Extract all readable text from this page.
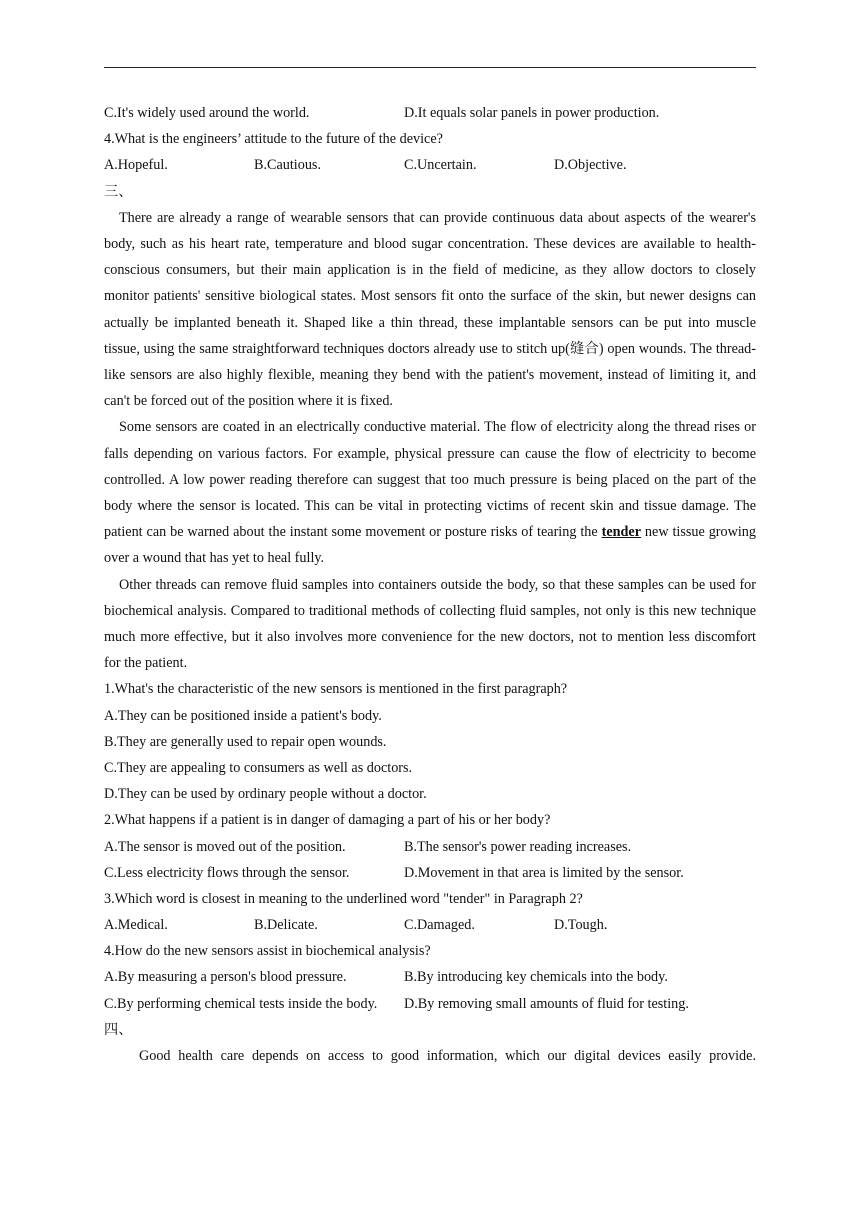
C.It's widely used around the world.	D.It equals solar panels in power production.
4.What is the engineers’ attitude to the future of the device?
A.Hopeful.	B.Cautious.	C.Uncertain.	D.Objective.
三、

There are already a range of wearable sensors that can provide continuous data about aspects of the wearer's body, such as his heart rate, temperature and blood sugar concentration. These devices are available to health-conscious consumers, but their main application is in the field of medicine, as they allow doctors to closely monitor patients' sensitive biological states. Most sensors fit onto the surface of the skin, but newer designs can actually be implanted beneath it. Shaped like a thin thread, these implantable sensors can be put into muscle tissue, using the same straightforward techniques doctors already use to stitch up(缝合) open wounds. The thread-like sensors are also highly flexible, meaning they bend with the patient's movement, instead of limiting it, and can't be forced out of the position where it is fixed.

Some sensors are coated in an electrically conductive material. The flow of electricity along the thread rises or falls depending on various factors. For example, physical pressure can cause the flow of electricity to become controlled. A low power reading therefore can suggest that too much pressure is being placed on the part of the body where the sensor is located. This can be vital in protecting victims of recent skin and tissue damage. The patient can be warned about the instant some movement or posture risks of tearing the tender new tissue growing over a wound that has yet to heal fully.

Other threads can remove fluid samples into containers outside the body, so that these samples can be used for biochemical analysis. Compared to traditional methods of collecting fluid samples, not only is this new technique much more effective, but it also involves more convenience for the new doctors, not to mention less discomfort for the patient.

1.What's the characteristic of the new sensors is mentioned in the first paragraph?
A.They can be positioned inside a patient's body.
B.They are generally used to repair open wounds.
C.They are appealing to consumers as well as doctors.
D.They can be used by ordinary people without a doctor.
2.What happens if a patient is in danger of damaging a part of his or her body?
A.The sensor is moved out of the position.	B.The sensor's power reading increases.
C.Less electricity flows through the sensor.	D.Movement in that area is limited by the sensor.
3.Which word is closest in meaning to the underlined word "tender" in Paragraph 2?
A.Medical.	B.Delicate.	C.Damaged.	D.Tough.
4.How do the new sensors assist in biochemical analysis?
A.By measuring a person's blood pressure.	B.By introducing key chemicals into the body.
C.By performing chemical tests inside the body.	D.By removing small amounts of fluid for testing.
四、

Good health care depends on access to good information, which our digital devices easily provide.
